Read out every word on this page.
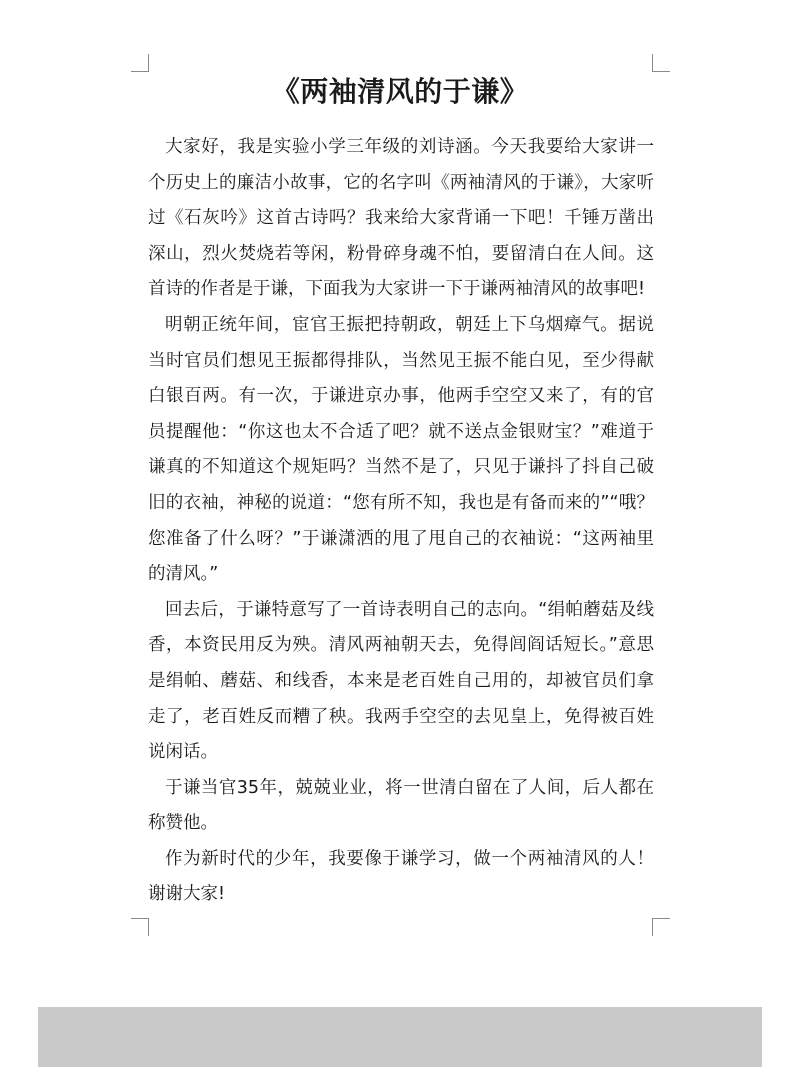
《两袖清风的于谦》

大家好，我是实验小学三年级的刘诗涵。今天我要给大家讲一个历史上的廉洁小故事，它的名字叫《两袖清风的于谦》，大家听过《石灰吟》这首古诗吗？我来给大家背诵一下吧！千锤万凿出深山，烈火焚烧若等闲，粉骨碎身魂不怕，要留清白在人间。这首诗的作者是于谦，下面我为大家讲一下于谦两袖清风的故事吧!

明朝正统年间，宦官王振把持朝政，朝廷上下乌烟瘴气。据说当时官员们想见王振都得排队，当然见王振不能白见，至少得献白银百两。有一次，于谦进京办事，他两手空空又来了，有的官员提醒他：“你这也太不合适了吧？就不送点金银财宝？”难道于谦真的不知道这个规矩吗？当然不是了，只见于谦抖了抖自己破旧的衣袖，神秘的说道：“您有所不知，我也是有备而来的”“哦？您准备了什么呀？”于谦潇洒的甩了甩自己的衣袖说：“这两袖里的清风。”

回去后，于谦特意写了一首诗表明自己的志向。“绢帕蘑菇及线香，本资民用反为殃。清风两袖朝天去，免得闾阎话短长。”意思是绢帕、蘑菇、和线香，本来是老百姓自己用的，却被官员们拿走了，老百姓反而糟了秧。我两手空空的去见皇上，免得被百姓说闲话。

于谦当官35年，兢兢业业，将一世清白留在了人间，后人都在称赞他。

作为新时代的少年，我要像于谦学习，做一个两袖清风的人！谢谢大家!
